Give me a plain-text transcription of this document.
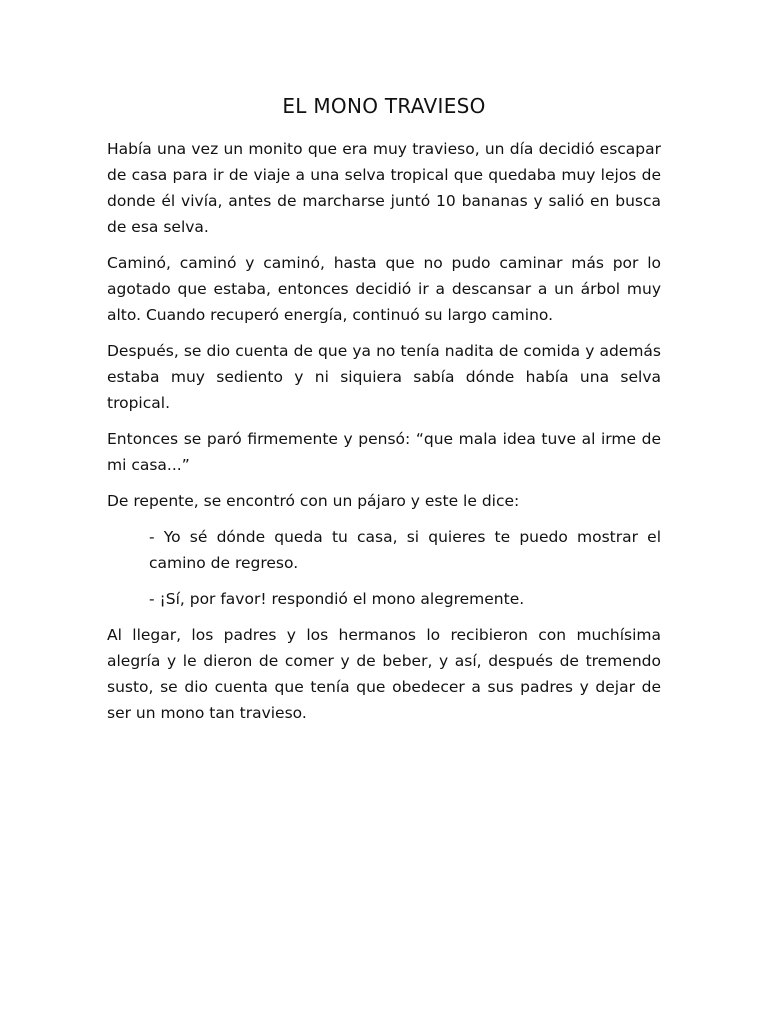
EL MONO TRAVIESO

Había una vez un monito que era muy travieso, un día decidió escapar de casa para ir de viaje a una selva tropical que quedaba muy lejos de donde él vivía, antes de marcharse juntó 10 bananas y salió en busca de esa selva.

Caminó, caminó y caminó, hasta que no pudo caminar más por lo agotado que estaba, entonces decidió ir a descansar a un árbol muy alto. Cuando recuperó energía, continuó su largo camino.

Después, se dio cuenta de que ya no tenía nadita de comida y además estaba muy sediento y ni siquiera sabía dónde había una selva tropical.

Entonces se paró firmemente y pensó: “que mala idea tuve al irme de mi casa...”

De repente, se encontró con un pájaro y este le dice:

- Yo sé dónde queda tu casa, si quieres te puedo mostrar el camino de regreso.

- ¡Sí, por favor! respondió el mono alegremente.

Al llegar, los padres y los hermanos lo recibieron con muchísima alegría y le dieron de comer y de beber, y así, después de tremendo susto, se dio cuenta que tenía que obedecer a sus padres y dejar de ser un mono tan travieso.
